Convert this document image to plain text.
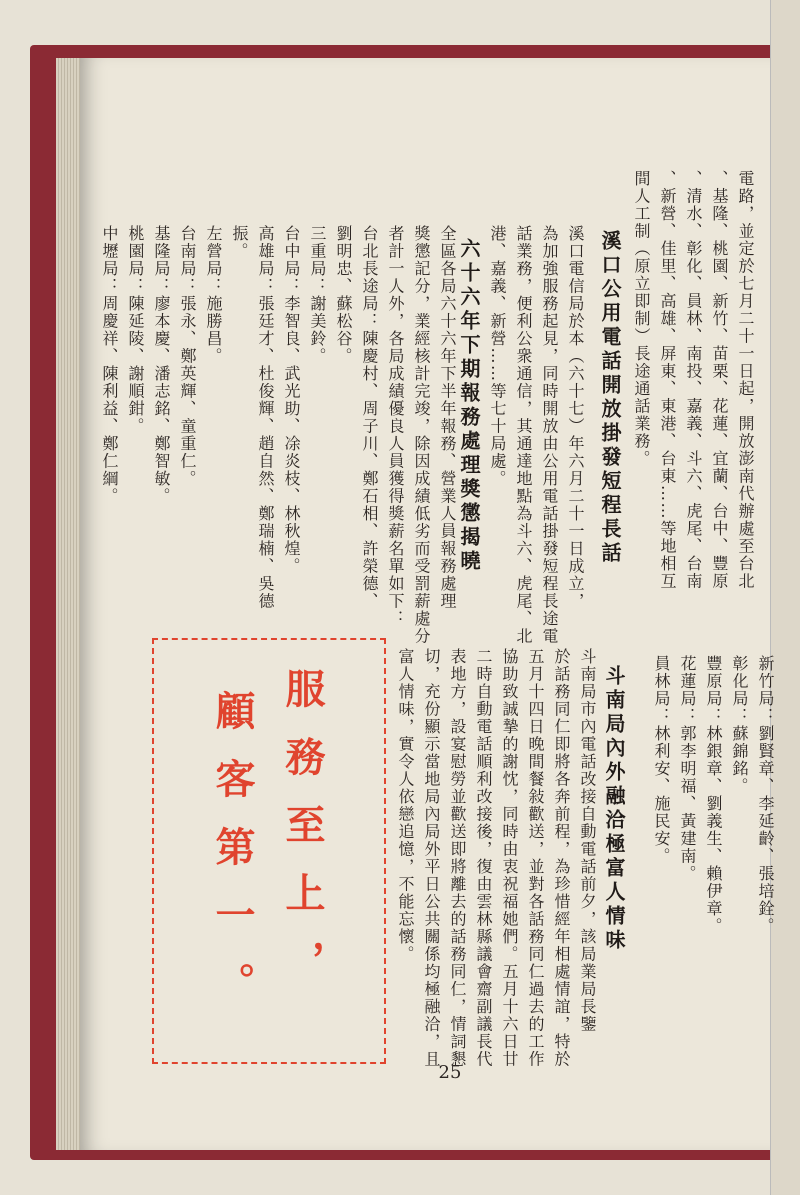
電路，並定於七月二十一日起，開放澎南代辦處至台北
、基隆、桃園、新竹、苗栗、花蓮、宜蘭、台中、豐原
、清水、彰化、員林、南投、嘉義、斗六、虎尾、台南
、新營、佳里、高雄、屏東、東港、台東……等地相互
間人工制（原立即制）長途通話業務。

溪口公用電話開放掛發短程長話

溪口電信局於本（六十七）年六月二十一日成立，
為加強服務起見，同時開放由公用電話掛發短程長途電
話業務，便利公衆通信，其通達地點為斗六、虎尾、北
港、嘉義、新營……等七十局處。

六十六年下期報務處理獎懲揭曉

全區各局六十六年下半年報務、營業人員報務處理
獎懲記分，業經核計完竣，除因成績低劣而受罰薪處分
者計一人外，各局成績優良人員獲得獎薪名單如下：
台北長途局：陳慶村、周子川、鄭石相、許榮德、
劉明忠、蘇松谷。
三重局：謝美鈴。
台中局：李智良、武光助、凃炎枝、林秋煌。
高雄局：張廷才、杜俊輝、趙自然、鄭瑞楠、吳德
振。
左營局：施勝昌。
台南局：張永、鄭英輝、童重仁。
基隆局：廖本慶、潘志銘、鄭智敏。
桃園局：陳延陵、謝順鉗。
中壢局：周慶祥、陳利益、鄭仁綱。

新竹局：劉賢章、李延齡、張培銓。
彰化局：蘇錦銘。
豐原局：林銀章、劉義生、賴伊章。
花蓮局：郭李明福、黃建南。
員林局：林利安、施民安。

斗南局內外融洽極富人情味

斗南局市內電話改接自動電話前夕，該局業局長鑒
於話務同仁即將各奔前程，為珍惜經年相處情誼，特於
五月十四日晚間餐敍歡送，並對各話務同仁過去的工作
協助致誠摯的謝忱，同時由衷祝福她們。五月十六日廿
二時自動電話順利改接後，復由雲林縣議會齋副議長代
表地方，設宴慰勞並歡送即將離去的話務同仁，情詞懇
切，充份顯示當地局內局外平日公共關係均極融洽，且
富人情味，實令人依戀追憶，不能忘懷。

服務至上，
顧客第一。
25
